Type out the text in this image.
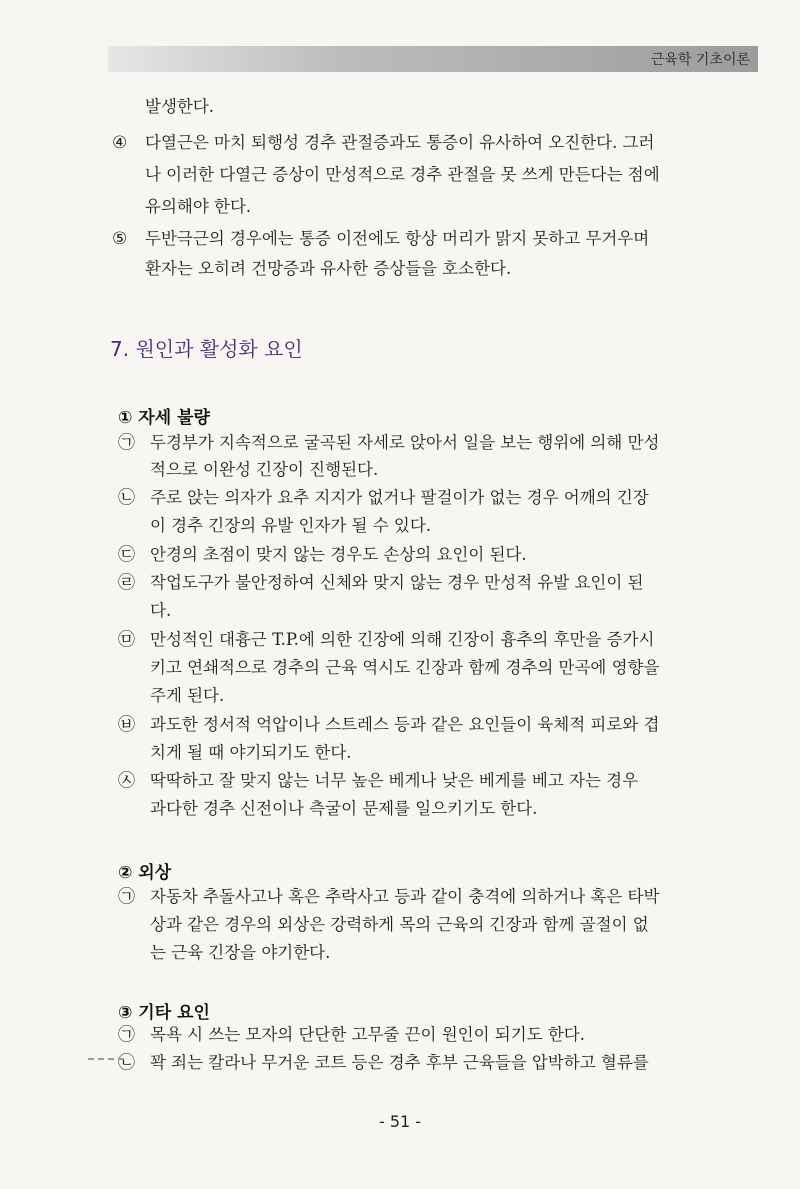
근육학 기초이론
발생한다.
④ 다열근은 마치 퇴행성 경추 관절증과도 통증이 유사하여 오진한다. 그러
나 이러한 다열근 증상이 만성적으로 경추 관절을 못 쓰게 만든다는 점에
유의해야 한다.
⑤ 두반극근의 경우에는 통증 이전에도 항상 머리가 맑지 못하고 무거우며
환자는 오히려 건망증과 유사한 증상들을 호소한다.
7. 원인과 활성화 요인
① 자세 불량
㉠ 두경부가 지속적으로 굴곡된 자세로 앉아서 일을 보는 행위에 의해 만성
적으로 이완성 긴장이 진행된다.
㉡ 주로 앉는 의자가 요추 지지가 없거나 팔걸이가 없는 경우 어깨의 긴장
이 경추 긴장의 유발 인자가 될 수 있다.
㉢ 안경의 초점이 맞지 않는 경우도 손상의 요인이 된다.
㉣ 작업도구가 불안정하여 신체와 맞지 않는 경우 만성적 유발 요인이 된
다.
㉤ 만성적인 대흉근 T.P.에 의한 긴장에 의해 긴장이 흉추의 후만을 증가시
키고 연쇄적으로 경추의 근육 역시도 긴장과 함께 경추의 만곡에 영향을
주게 된다.
㉥ 과도한 정서적 억압이나 스트레스 등과 같은 요인들이 육체적 피로와 겹
치게 될 때 야기되기도 한다.
㉦ 딱딱하고 잘 맞지 않는 너무 높은 베게나 낮은 베게를 베고 자는 경우
과다한 경추 신전이나 측굴이 문제를 일으키기도 한다.
② 외상
㉠ 자동차 추돌사고나 혹은 추락사고 등과 같이 충격에 의하거나 혹은 타박
상과 같은 경우의 외상은 강력하게 목의 근육의 긴장과 함께 골절이 없
는 근육 긴장을 야기한다.
③ 기타 요인
㉠ 목욕 시 쓰는 모자의 단단한 고무줄 끈이 원인이 되기도 한다.
㉡ 꽉 죄는 칼라나 무거운 코트 등은 경추 후부 근육들을 압박하고 혈류를
- 51 -
